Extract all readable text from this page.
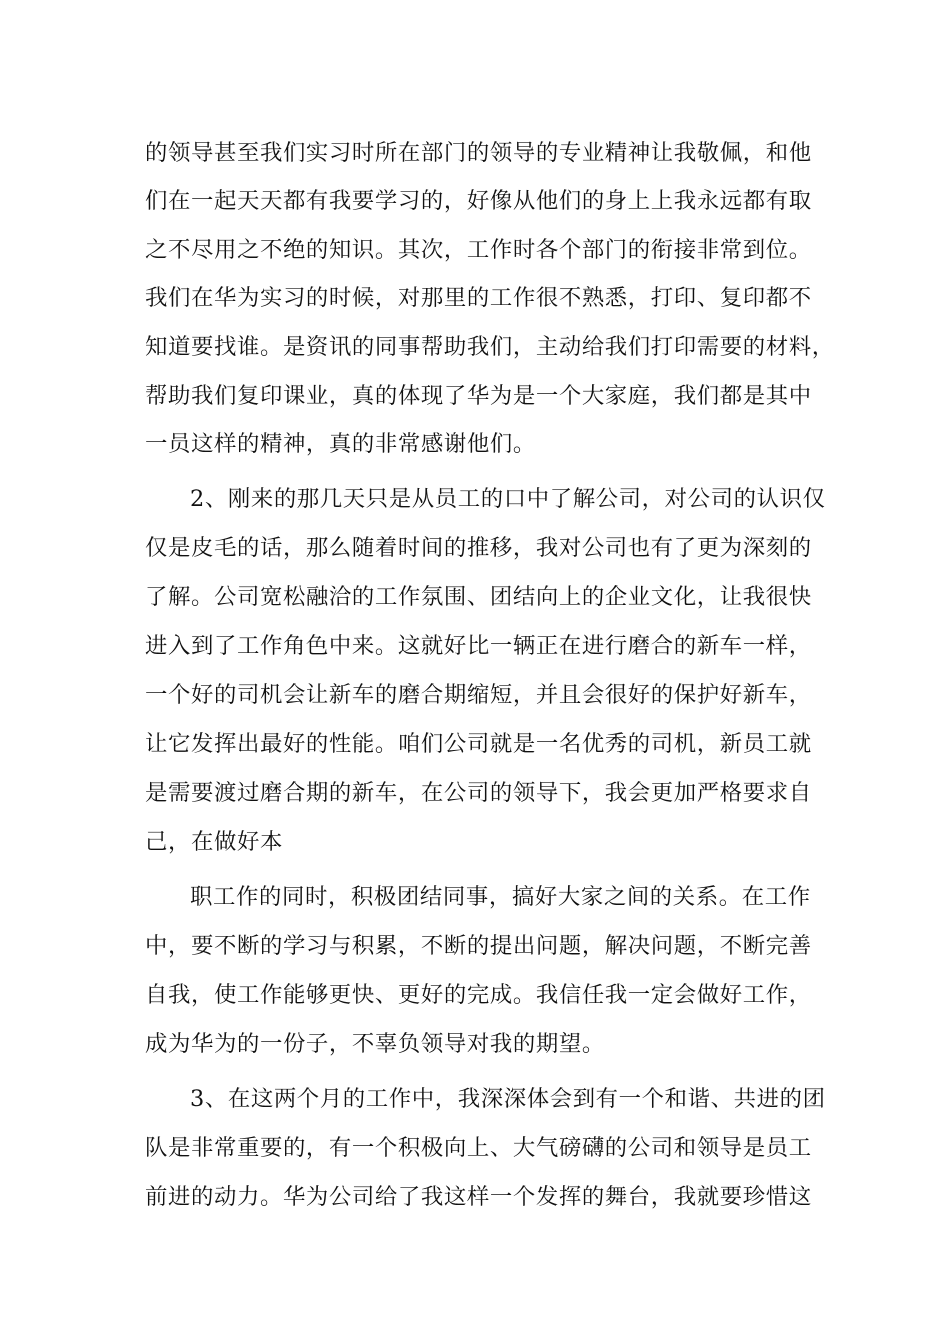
的领导甚至我们实习时所在部门的领导的专业精神让我敬佩，和他
们在一起天天都有我要学习的，好像从他们的身上上我永远都有取
之不尽用之不绝的知识。其次，工作时各个部门的衔接非常到位。
我们在华为实习的时候，对那里的工作很不熟悉，打印、复印都不
知道要找谁。是资讯的同事帮助我们，主动给我们打印需要的材料，
帮助我们复印课业，真的体现了华为是一个大家庭，我们都是其中
一员这样的精神，真的非常感谢他们。
2、刚来的那几天只是从员工的口中了解公司，对公司的认识仅
仅是皮毛的话，那么随着时间的推移，我对公司也有了更为深刻的
了解。公司宽松融洽的工作氛围、团结向上的企业文化，让我很快
进入到了工作角色中来。这就好比一辆正在进行磨合的新车一样，
一个好的司机会让新车的磨合期缩短，并且会很好的保护好新车，
让它发挥出最好的性能。咱们公司就是一名优秀的司机，新员工就
是需要渡过磨合期的新车，在公司的领导下，我会更加严格要求自
己，在做好本
职工作的同时，积极团结同事，搞好大家之间的关系。在工作
中，要不断的学习与积累，不断的提出问题，解决问题，不断完善
自我，使工作能够更快、更好的完成。我信任我一定会做好工作，
成为华为的一份子，不辜负领导对我的期望。
3、在这两个月的工作中，我深深体会到有一个和谐、共进的团
队是非常重要的，有一个积极向上、大气磅礴的公司和领导是员工
前进的动力。华为公司给了我这样一个发挥的舞台，我就要珍惜这
